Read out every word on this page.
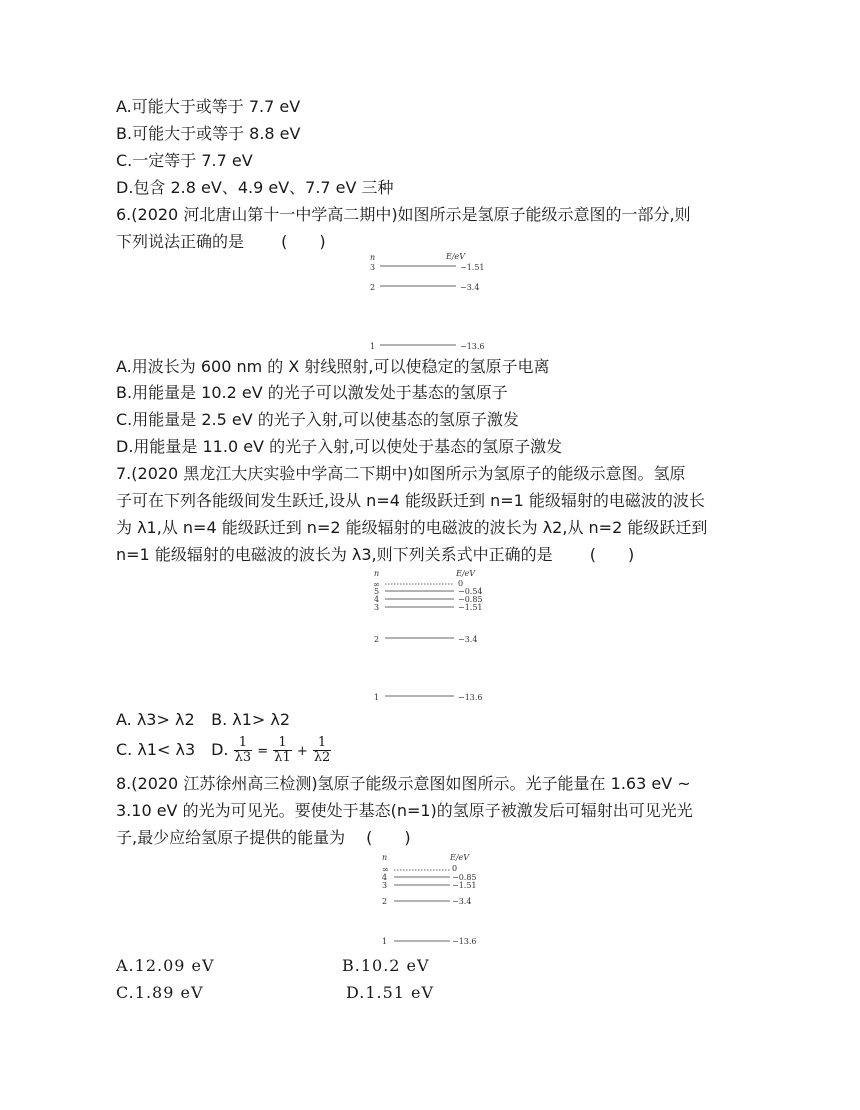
A.可能大于或等于 7.7 eV
B.可能大于或等于 8.8 eV
C.一定等于 7.7 eV
D.包含 2.8 eV、4.9 eV、7.7 eV 三种
6.(2020 河北唐山第十一中学高二期中)如图所示是氢原子能级示意图的一部分,则
下列说法正确的是 　　(　　)
n	E/eV
3	−1.51
2	−3.4
1	−13.6
A.用波长为 600 nm 的 X 射线照射,可以使稳定的氢原子电离
B.用能量是 10.2 eV 的光子可以激发处于基态的氢原子
C.用能量是 2.5 eV 的光子入射,可以使基态的氢原子激发
D.用能量是 11.0 eV 的光子入射,可以使处于基态的氢原子激发
7.(2020 黑龙江大庆实验中学高二下期中)如图所示为氢原子的能级示意图。氢原
子可在下列各能级间发生跃迁,设从 n=4 能级跃迁到 n=1 能级辐射的电磁波的波长
为 λ1,从 n=4 能级跃迁到 n=2 能级辐射的电磁波的波长为 λ2,从 n=2 能级跃迁到
n=1 能级辐射的电磁波的波长为 λ3,则下列关系式中正确的是 　　(　　)
n	E/eV
∞	0
5	−0.54
4	−0.85
3	−1.51
2	−3.4
1	−13.6
A. λ3> λ2 B. λ1> λ2
C. λ1< λ3 D. $\frac{1}{\lambda 3} = \frac{1}{\lambda 1} + \frac{1}{\lambda 2}$
8.(2020 江苏徐州高三检测)氢原子能级示意图如图所示。光子能量在 1.63 eV ~
3.10 eV 的光为可见光。要使处于基态(n=1)的氢原子被激发后可辐射出可见光光
子,最少应给氢原子提供的能量为 　(　　)
n	E/eV
∞	0
4	−0.85
3	−1.51
2	−3.4
1	−13.6
A.12.09 eV	B.10.2 eV
C.1.89 eV	D.1.51 eV
